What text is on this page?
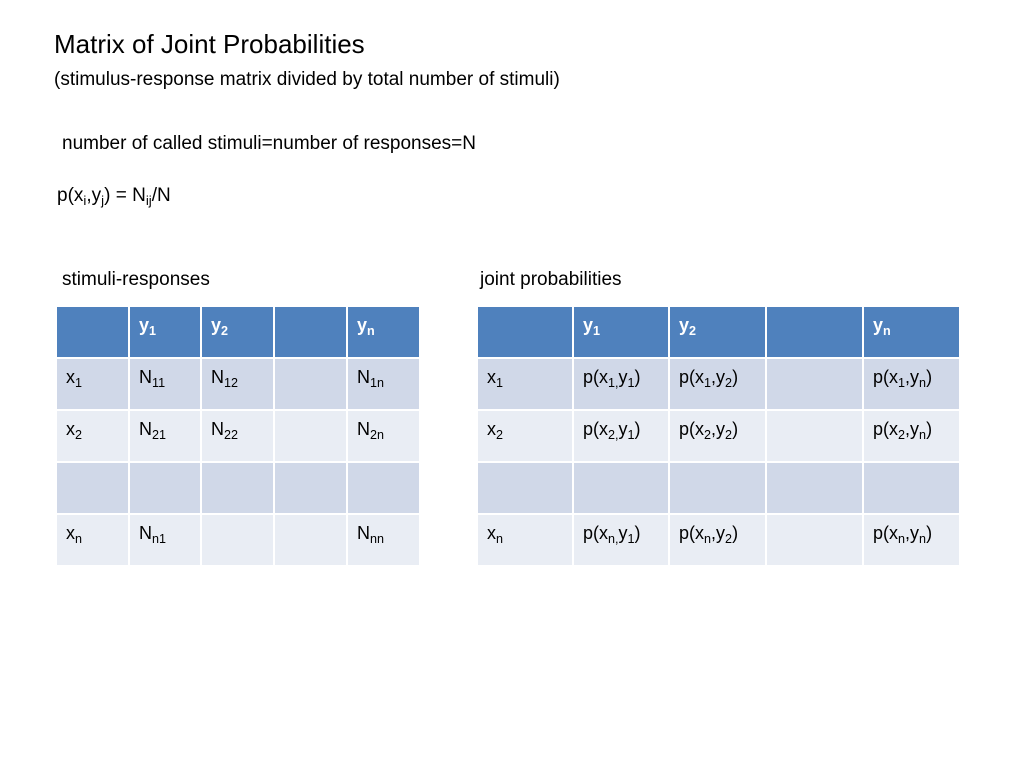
Matrix of Joint Probabilities
(stimulus-response matrix divided by total number of stimuli)
number of called stimuli=number of responses=N
$p(x_i,y_j) = N_{ij}/N$
stimuli-responses	joint probabilities
	$y_1$	$y_2$		$y_n$
$x_1$	$N_{11}$	$N_{12}$		$N_{1n}$
$x_2$	$N_{21}$	$N_{22}$		$N_{2n}$

$x_n$	$N_{n1}$			$N_{nn}$
	$y_1$	$y_2$		$y_n$
$x_1$	$p(x_{1,}y_1)$	$p(x_1,y_2)$		$p(x_1,y_n)$
$x_2$	$p(x_{2,}y_1)$	$p(x_2,y_2)$		$p(x_2,y_n)$

$x_n$	$p(x_{n,}y_1)$	$p(x_n,y_2)$		$p(x_n,y_n)$
